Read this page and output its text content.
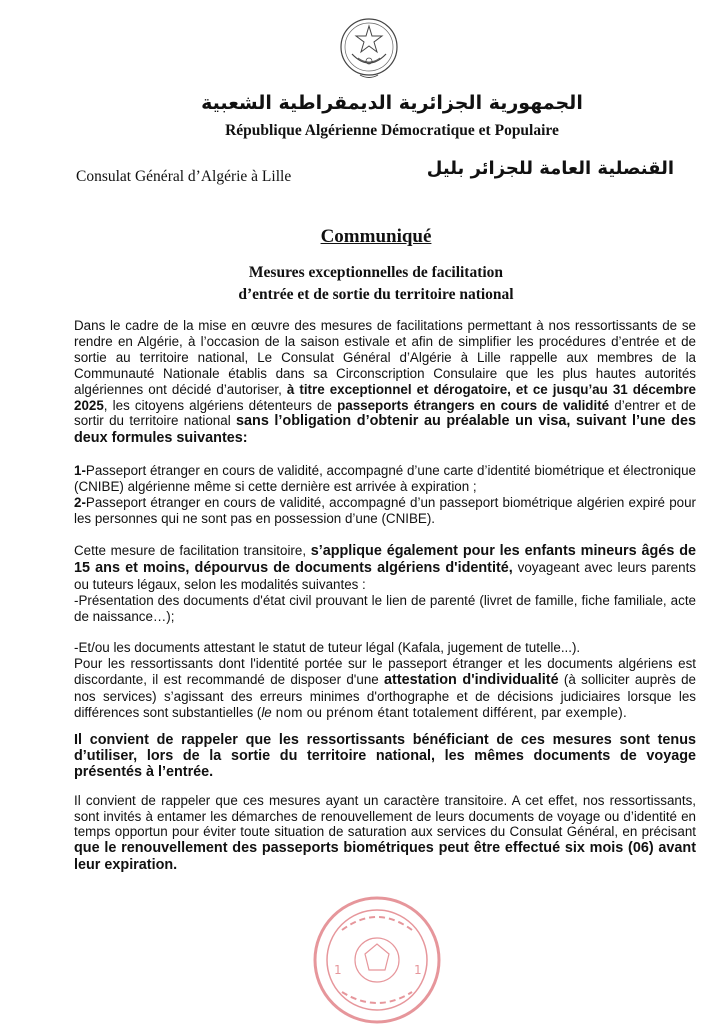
الجمهورية الجزائرية الديمقراطية الشعبية
République Algérienne Démocratique et Populaire
Consulat Général d’Algérie à Lille	القنصلية العامة للجزائر بليل
Communiqué
Mesures exceptionnelles de facilitation
d’entrée et de sortie du territoire national

Dans le cadre de la mise en œuvre des mesures de facilitations permettant à nos ressortissants de se rendre en Algérie, à l’occasion de la saison estivale et afin de simplifier les procédures d’entrée et de sortie au territoire national, Le Consulat Général d’Algérie à Lille rappelle aux membres de la Communauté Nationale établis dans sa Circonscription Consulaire que les plus hautes autorités algériennes ont décidé d’autoriser, à titre exceptionnel et dérogatoire, et ce jusqu’au 31 décembre 2025, les citoyens algériens détenteurs de passeports étrangers en cours de validité d’entrer et de sortir du territoire national sans l’obligation d’obtenir au préalable un visa, suivant l’une des deux formules suivantes:

1-Passeport étranger en cours de validité, accompagné d’une carte d’identité biométrique et électronique (CNIBE) algérienne même si cette dernière est arrivée à expiration ;

2-Passeport étranger en cours de validité, accompagné d’un passeport biométrique algérien expiré pour les personnes qui ne sont pas en possession d’une (CNIBE).

Cette mesure de facilitation transitoire, s’applique également pour les enfants mineurs âgés de 15 ans et moins, dépourvus de documents algériens d'identité, voyageant avec leurs parents ou tuteurs légaux, selon les modalités suivantes :

-Présentation des documents d'état civil prouvant le lien de parenté (livret de famille, fiche familiale, acte de naissance…);

-Et/ou les documents attestant le statut de tuteur légal (Kafala, jugement de tutelle...).

Pour les ressortissants dont l'identité portée sur le passeport étranger et les documents algériens est discordante, il est recommandé de disposer d'une attestation d'individualité (à solliciter auprès de nos services) s’agissant des erreurs minimes d'orthographe et de décisions judiciaires lorsque les différences sont substantielles (le nom ou prénom étant totalement différent, par exemple).

Il convient de rappeler que les ressortissants bénéficiant de ces mesures sont tenus d’utiliser, lors de la sortie du territoire national, les mêmes documents de voyage présentés à l’entrée.

Il convient de rappeler que ces mesures ayant un caractère transitoire. A cet effet, nos ressortissants, sont invités à entamer les démarches de renouvellement de leurs documents de voyage ou d’identité en temps opportun pour éviter toute situation de saturation aux services du Consulat Général, en précisant que le renouvellement des passeports biométriques peut être effectué six mois (06) avant leur expiration.

1	1
